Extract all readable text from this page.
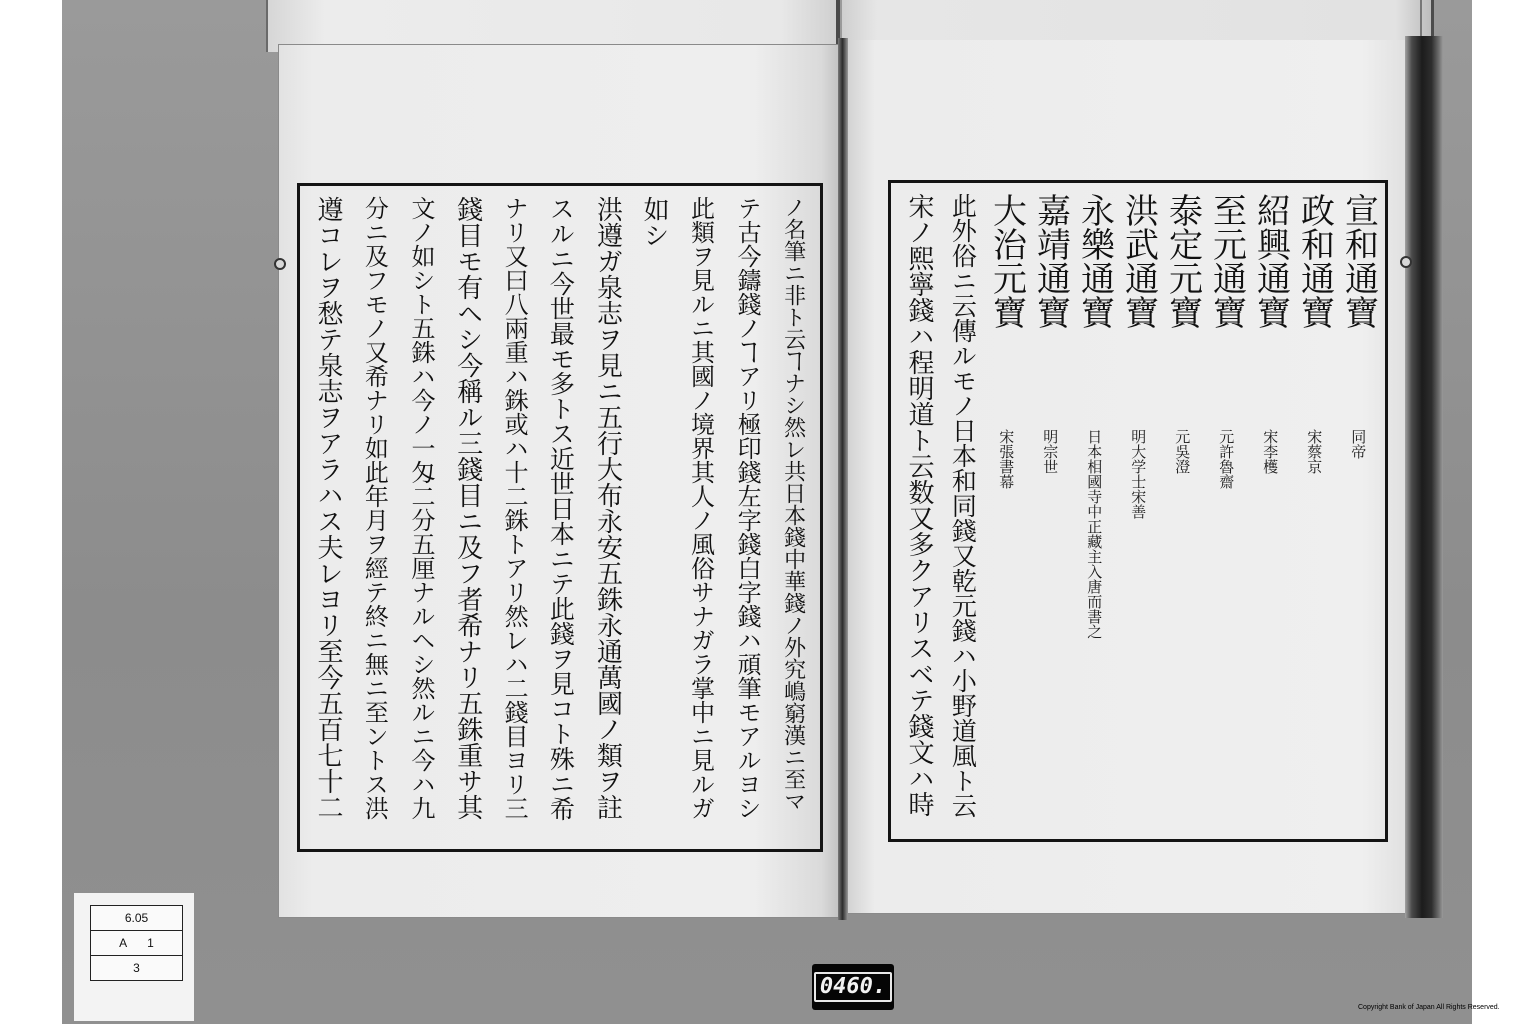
ノ名筆ニ非ト云ヿナシ然レ共日本錢中華錢ノ外究嶋窮漢ニ至マ
テ古今鑄錢ノヿアリ極印錢左字錢白字錢ハ頑筆モアルヨシ
此類ヲ見ルニ其國ノ境界其人ノ風俗サナガラ掌中ニ見ルガ
如シ
洪遵ガ泉志ヲ見ニ五行大布永安五銖永通萬國ノ類ヲ註
スルニ今世最モ多トス近世日本ニテ此錢ヲ見コト殊ニ希
ナリ又曰八兩重ハ銖或ハ十二銖トアリ然レハ二錢目ヨリ三
錢目モ有ヘシ今稱ル三錢目ニ及フ者希ナリ五銖重サ其
文ノ如シト五銖ハ今ノ一匁二分五厘ナルヘシ然ルニ今ハ九
分ニ及フモノ又希ナリ如此年月ヲ經テ終ニ無ニ至ントス洪
遵コレヲ愁テ泉志ヲアラハス夫レヨリ至今五百七十二	宣和通寶
同帝
政和通寶
宋蔡京
紹興通寶
宋李檴
至元通寶
元許魯齋
泰定元寶
元吳澄
洪武通寶
明大学士宋善
永樂通寶
日本相國寺中正藏主入唐而書之
嘉靖通寶
明宗世
大治元寶
宋張書幕
此外俗ニ云傳ルモノ日本和同錢又乾元錢ハ小野道風ト云
宋ノ熙寧錢ハ程明道ト云数又多クアリスベテ錢文ハ時
6.05
A 1
3
0460.
Copyright Bank of Japan All Rights Reserved.
